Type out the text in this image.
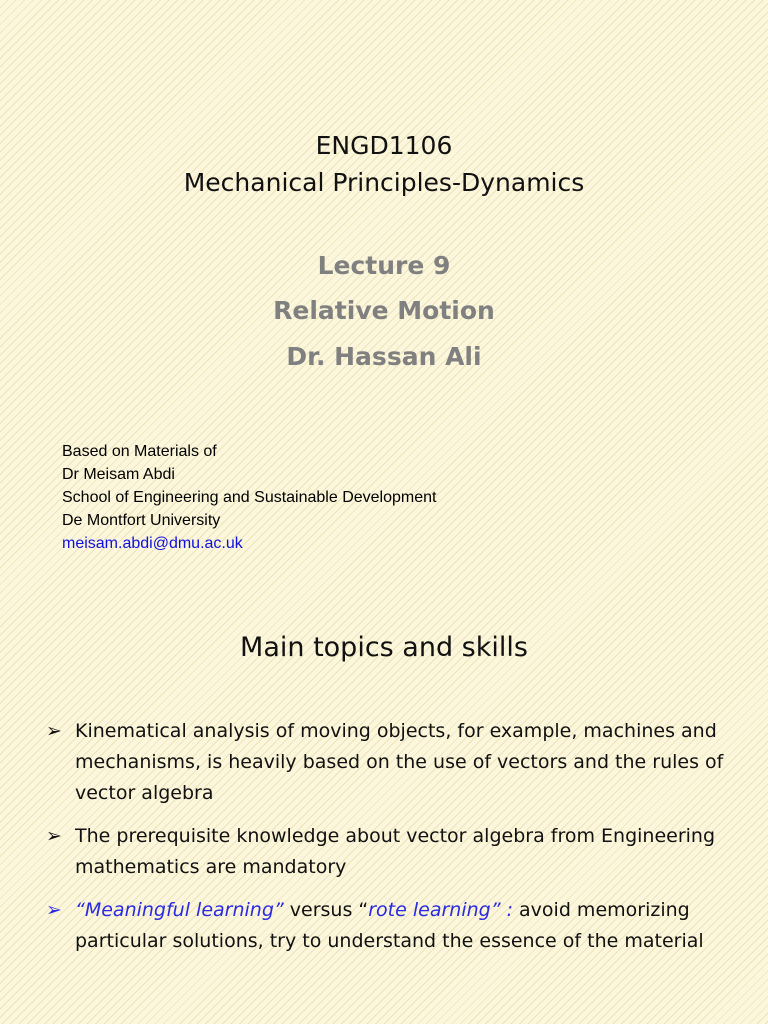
ENGD1106
Mechanical Principles-Dynamics
Lecture 9
Relative Motion
Dr. Hassan Ali
Based on Materials of
Dr Meisam Abdi
School of Engineering and Sustainable Development
De Montfort University
meisam.abdi@dmu.ac.uk
Main topics and skills
➢ Kinematical analysis of moving objects, for example, machines and mechanisms, is heavily based on the use of vectors and the rules of vector algebra
➢ The prerequisite knowledge about vector algebra from Engineering mathematics are mandatory
➢ “Meaningful learning” versus “rote learning” : avoid memorizing particular solutions, try to understand the essence of the material
